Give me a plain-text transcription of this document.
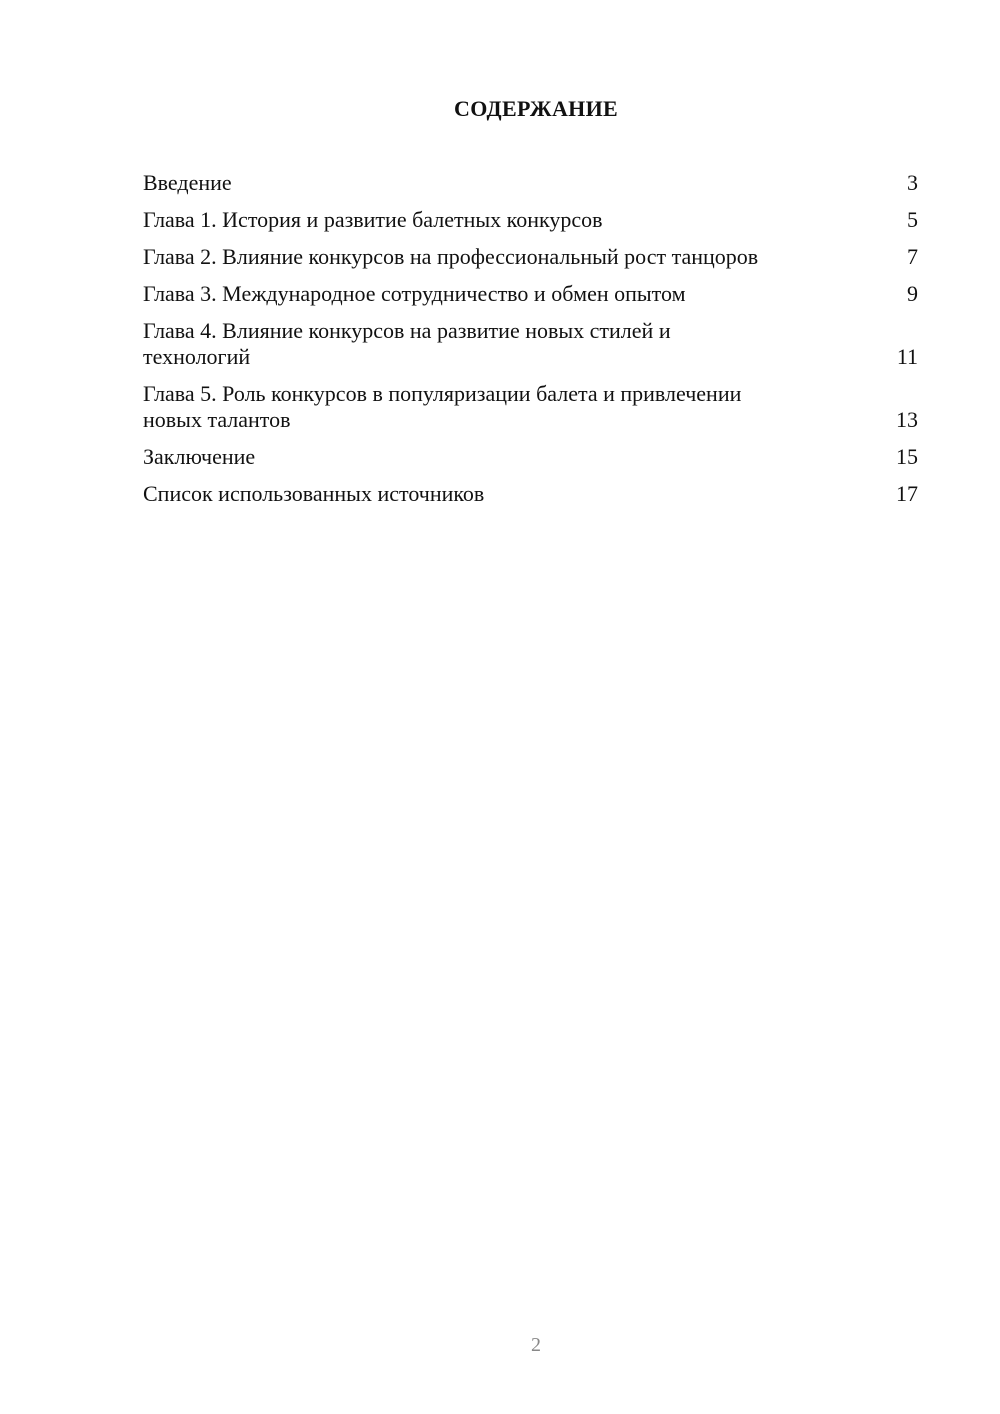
СОДЕРЖАНИЕ
Введение	3
Глава 1. История и развитие балетных конкурсов	5
Глава 2. Влияние конкурсов на профессиональный рост танцоров	7
Глава 3. Международное сотрудничество и обмен опытом	9
Глава 4. Влияние конкурсов на развитие новых стилей и технологий	11
Глава 5. Роль конкурсов в популяризации балета и привлечении новых талантов	13
Заключение	15
Список использованных источников	17
2
